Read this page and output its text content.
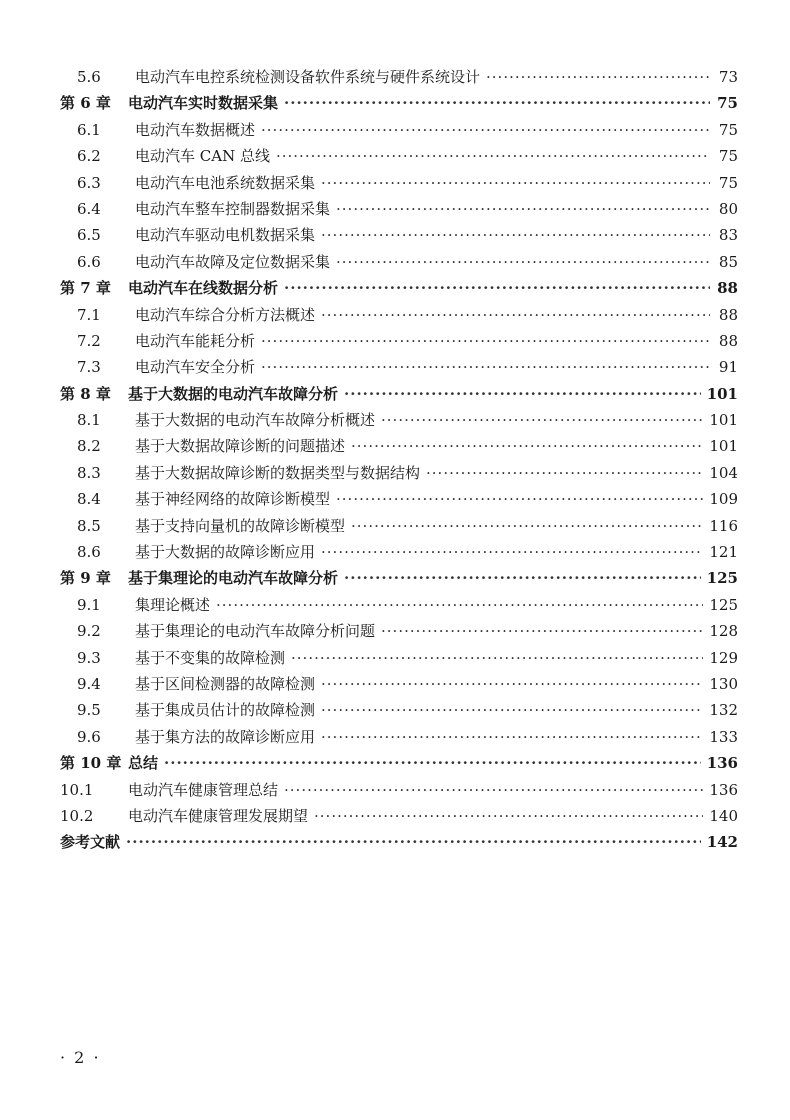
5.6	电动汽车电控系统检测设备软件系统与硬件系统设计 ·····	73
第 6 章	电动汽车实时数据采集 ·····	75
6.1	电动汽车数据概述 ·····	75
6.2	电动汽车 CAN 总线 ·····	75
6.3	电动汽车电池系统数据采集 ·····	75
6.4	电动汽车整车控制器数据采集 ·····	80
6.5	电动汽车驱动电机数据采集 ·····	83
6.6	电动汽车故障及定位数据采集 ·····	85
第 7 章	电动汽车在线数据分析 ·····	88
7.1	电动汽车综合分析方法概述 ·····	88
7.2	电动汽车能耗分析 ·····	88
7.3	电动汽车安全分析 ·····	91
第 8 章	基于大数据的电动汽车故障分析 ·····	101
8.1	基于大数据的电动汽车故障分析概述 ·····	101
8.2	基于大数据故障诊断的问题描述 ·····	101
8.3	基于大数据故障诊断的数据类型与数据结构 ·····	104
8.4	基于神经网络的故障诊断模型 ·····	109
8.5	基于支持向量机的故障诊断模型 ·····	116
8.6	基于大数据的故障诊断应用 ·····	121
第 9 章	基于集理论的电动汽车故障分析 ·····	125
9.1	集理论概述 ·····	125
9.2	基于集理论的电动汽车故障分析问题 ·····	128
9.3	基于不变集的故障检测 ·····	129
9.4	基于区间检测器的故障检测 ·····	130
9.5	基于集成员估计的故障检测 ·····	132
9.6	基于集方法的故障诊断应用 ·····	133
第 10 章 总结 ·····	136
10.1	电动汽车健康管理总结 ·····	136
10.2	电动汽车健康管理发展期望 ·····	140
参考文献 ·····	142
· 2 ·
